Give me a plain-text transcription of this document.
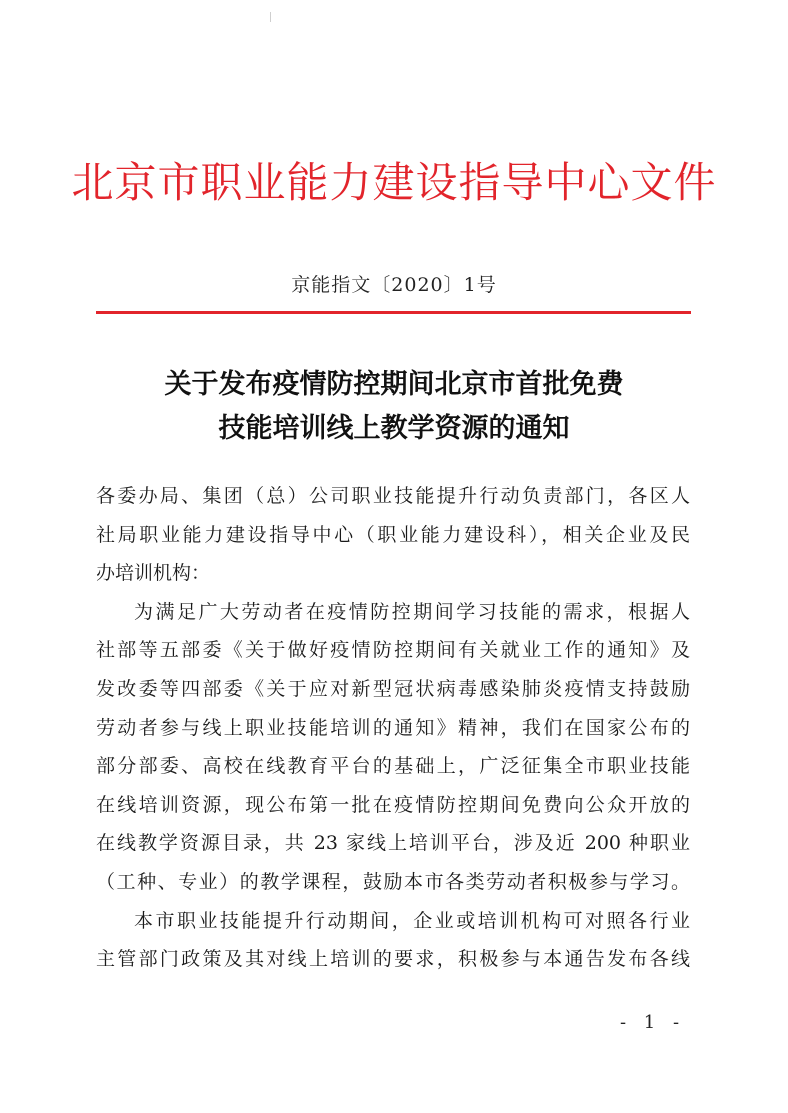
北京市职业能力建设指导中心文件
京能指文〔2020〕1号
关于发布疫情防控期间北京市首批免费
技能培训线上教学资源的通知
各委办局、集团（总）公司职业技能提升行动负责部门，各区人
社局职业能力建设指导中心（职业能力建设科），相关企业及民
办培训机构：
为满足广大劳动者在疫情防控期间学习技能的需求，根据人
社部等五部委《关于做好疫情防控期间有关就业工作的通知》及
发改委等四部委《关于应对新型冠状病毒感染肺炎疫情支持鼓励
劳动者参与线上职业技能培训的通知》精神，我们在国家公布的
部分部委、高校在线教育平台的基础上，广泛征集全市职业技能
在线培训资源，现公布第一批在疫情防控期间免费向公众开放的
在线教学资源目录，共 23 家线上培训平台，涉及近 200 种职业
（工种、专业）的教学课程，鼓励本市各类劳动者积极参与学习。
本市职业技能提升行动期间，企业或培训机构可对照各行业
主管部门政策及其对线上培训的要求，积极参与本通告发布各线
- 1 -
